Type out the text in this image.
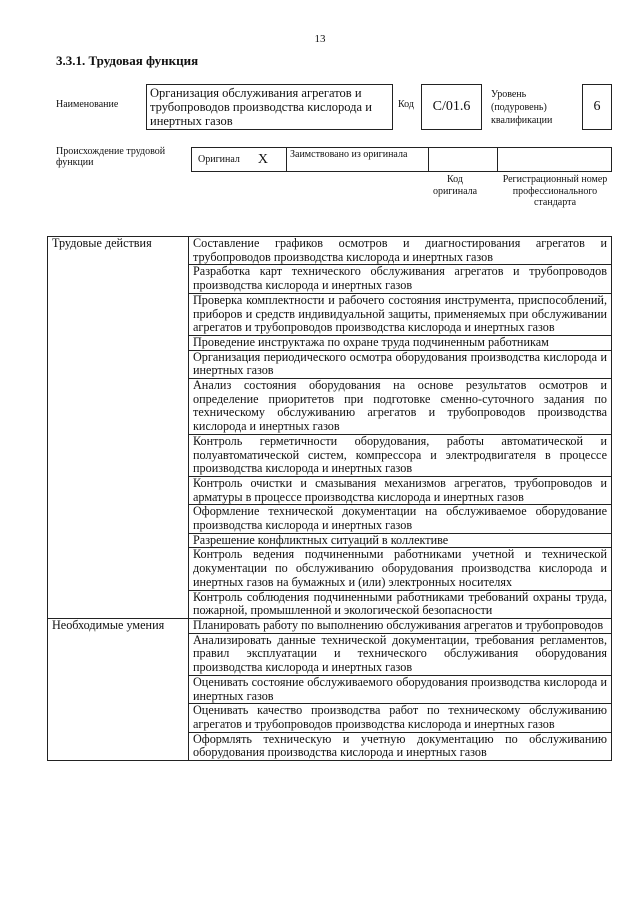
13
3.3.1. Трудовая функция
Наименование
Организация обслуживания агрегатов и трубопроводов производства кислорода и инертных газов
Код	С/01.6
Уровень (подуровень) квалификации
6
Происхождение трудовой функции	Оригинал X	Заимствовано из оригинала
Код оригинала
Регистрационный номер профессионального стандарта
Трудовые действия	Составление графиков осмотров и диагностирования агрегатов и трубопроводов производства кислорода и инертных газов
	Разработка карт технического обслуживания агрегатов и трубопроводов производства кислорода и инертных газов
	Проверка комплектности и рабочего состояния инструмента, приспособлений, приборов и средств индивидуальной защиты, применяемых при обслуживании агрегатов и трубопроводов производства кислорода и инертных газов
	Проведение инструктажа по охране труда подчиненным работникам
	Организация периодического осмотра оборудования производства кислорода и инертных газов
	Анализ состояния оборудования на основе результатов осмотров и определение приоритетов при подготовке сменно-суточного задания по техническому обслуживанию агрегатов и трубопроводов производства кислорода и инертных газов
	Контроль герметичности оборудования, работы автоматической и полуавтоматической систем, компрессора и электродвигателя в процессе производства кислорода и инертных газов
	Контроль очистки и смазывания механизмов агрегатов, трубопроводов и арматуры в процессе производства кислорода и инертных газов
	Оформление технической документации на обслуживаемое оборудование производства кислорода и инертных газов
	Разрешение конфликтных ситуаций в коллективе
	Контроль ведения подчиненными работниками учетной и технической документации по обслуживанию оборудования производства кислорода и инертных газов на бумажных и (или) электронных носителях
	Контроль соблюдения подчиненными работниками требований охраны труда, пожарной, промышленной и экологической безопасности
Необходимые умения	Планировать работу по выполнению обслуживания агрегатов и трубопроводов
	Анализировать данные технической документации, требования регламентов, правил эксплуатации и технического обслуживания оборудования производства кислорода и инертных газов
	Оценивать состояние обслуживаемого оборудования производства кислорода и инертных газов
	Оценивать качество производства работ по техническому обслуживанию агрегатов и трубопроводов производства кислорода и инертных газов
	Оформлять техническую и учетную документацию по обслуживанию оборудования производства кислорода и инертных газов
